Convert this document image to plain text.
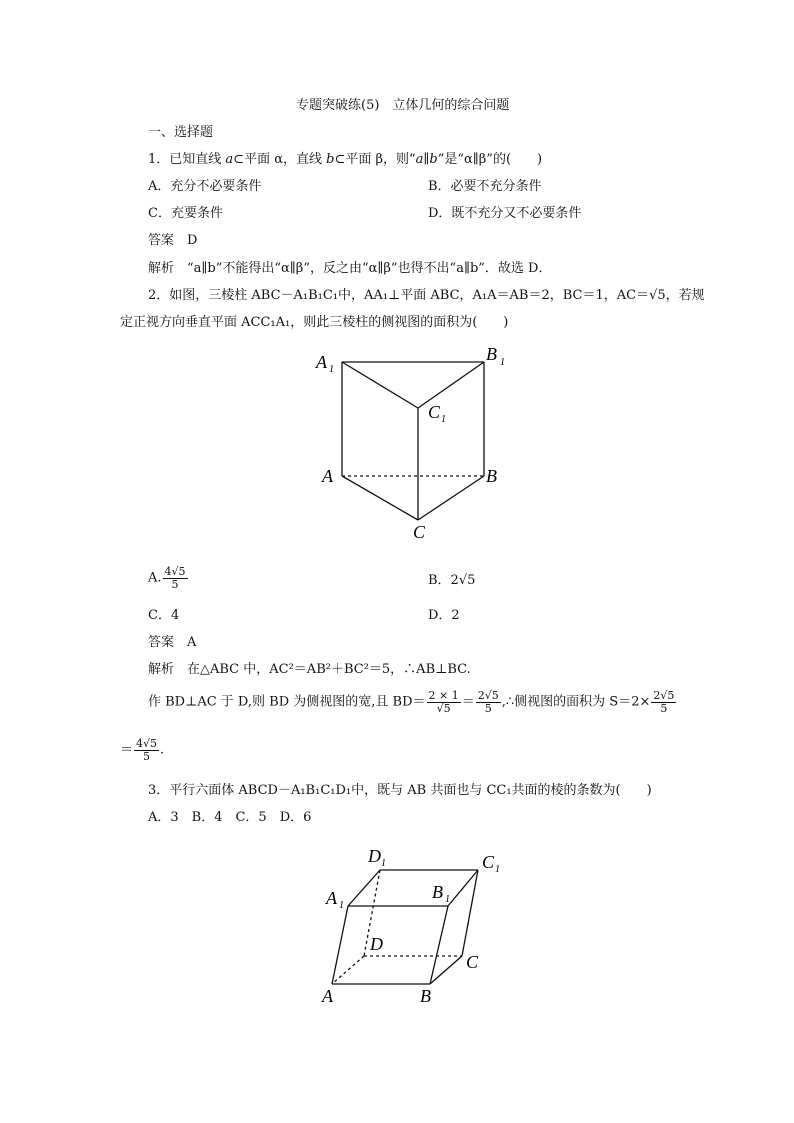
专题突破练(5)　立体几何的综合问题
一、选择题
1．已知直线 a⊂平面 α，直线 b⊂平面 β，则“a∥b”是“α∥β”的(　　)
A．充分不必要条件	B．必要不充分条件
C．充要条件	D．既不充分又不必要条件
答案　D
解析　“a∥b”不能得出“α∥β”，反之由“α∥β”也得不出“a∥b”．故选 D．
2．如图，三棱柱 ABC－A₁B₁C₁中，AA₁⊥平面 ABC，A₁A＝AB＝2，BC＝1，AC＝√5，若规
定正视方向垂直平面 ACC₁A₁，则此三棱柱的侧视图的面积为(　　)
A 1
B 1
C 1
A	B
C
A. $\frac{4√5}{5}$	B．2√5
C．4	D．2
答案　A
解析　在△ABC 中，AC²＝AB²＋BC²＝5，∴AB⊥BC.
作 BD⊥AC 于 D,则 BD 为侧视图的宽,且 $BD= \frac{2 \times 1}{√5} = \frac{2√5}{5}$ ,∴侧视图的面积为 $S=2\times \frac{2√5}{5}$
＝ $\frac{4√5}{5}$ .
3．平行六面体 ABCD－A₁B₁C₁D₁中，既与 AB 共面也与 CC₁共面的棱的条数为(　　)
A．3　B．4　C．5　D．6
D 1	C 1
A 1
B 1
D
C
A	B
